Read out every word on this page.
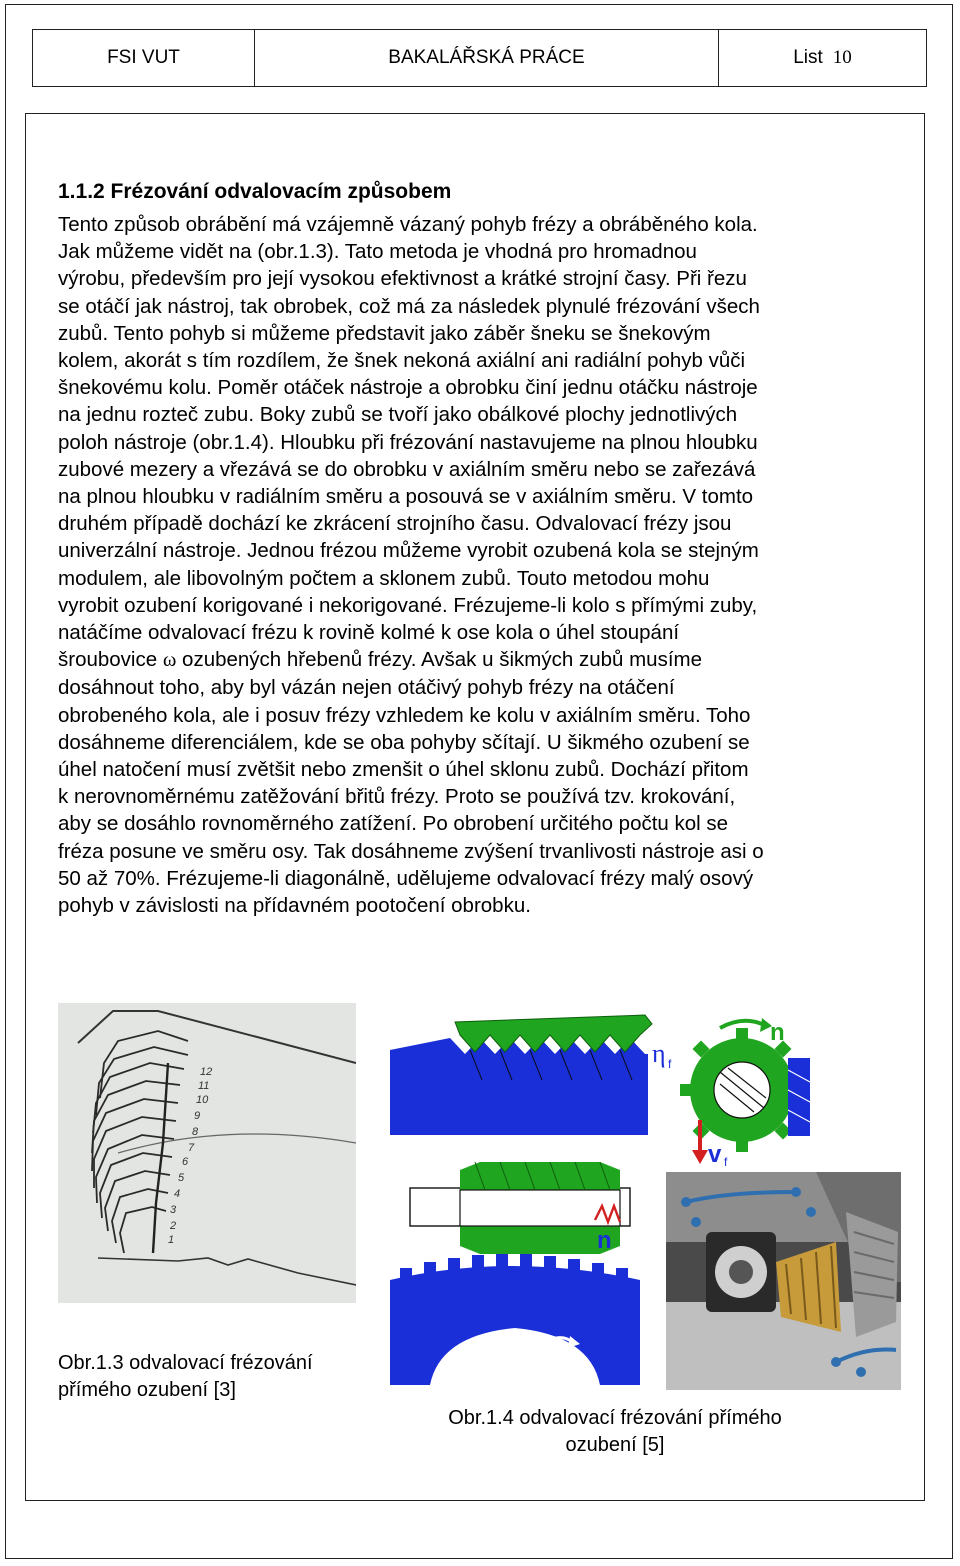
FSI VUT	BAKALÁŘSKÁ PRÁCE	List 10
1.1.2 Frézování odvalovacím způsobem
Tento způsob obrábění má vzájemně vázaný pohyb frézy a obráběného kola.
Jak můžeme vidět na (obr.1.3). Tato metoda je vhodná pro hromadnou
výrobu, především pro její vysokou efektivnost a krátké strojní časy. Při řezu
se otáčí jak nástroj, tak obrobek, což má za následek plynulé frézování všech
zubů. Tento pohyb si můžeme představit jako záběr šneku se šnekovým
kolem, akorát s tím rozdílem, že šnek nekoná axiální ani radiální pohyb vůči
šnekovému kolu. Poměr otáček nástroje a obrobku činí jednu otáčku nástroje
na jednu rozteč zubu. Boky zubů se tvoří jako obálkové plochy jednotlivých
poloh nástroje (obr.1.4). Hloubku při frézování nastavujeme na plnou hloubku
zubové mezery a vřezává se do obrobku v axiálním směru nebo se zařezává
na plnou hloubku v radiálním směru a posouvá se v axiálním směru. V tomto
druhém případě dochází ke zkrácení strojního času. Odvalovací frézy jsou
univerzální nástroje. Jednou frézou můžeme vyrobit ozubená kola se stejným
modulem, ale libovolným počtem a sklonem zubů. Touto metodou mohu
vyrobit ozubení korigované i nekorigované. Frézujeme-li kolo s přímými zuby,
natáčíme odvalovací frézu k rovině kolmé k ose kola o úhel stoupání
šroubovice ω ozubených hřebenů frézy. Avšak u šikmých zubů musíme
dosáhnout toho, aby byl vázán nejen otáčivý pohyb frézy na otáčení
obrobeného kola, ale i posuv frézy vzhledem ke kolu v axiálním směru. Toho
dosáhneme diferenciálem, kde se oba pohyby sčítají. U šikmého ozubení se
úhel natočení musí zvětšit nebo zmenšit o úhel sklonu zubů. Dochází přitom
k nerovnoměrnému zatěžování břitů frézy. Proto se používá tzv. krokování,
aby se dosáhlo rovnoměrného zatížení. Po obrobení určitého počtu kol se
fréza posune ve směru osy. Tak dosáhneme zvýšení trvanlivosti nástroje asi o
50 až 70%. Frézujeme-li diagonálně, udělujeme odvalovací frézy malý osový
pohyb v závislosti na přídavném pootočení obrobku.
12
11
10
9
8
7
6
5
4
3
2
1
Obr.1.3 odvalovací frézování
přímého ozubení [3]
n
η f
v f
n
n o
Obr.1.4 odvalovací frézování přímého
ozubení [5]
